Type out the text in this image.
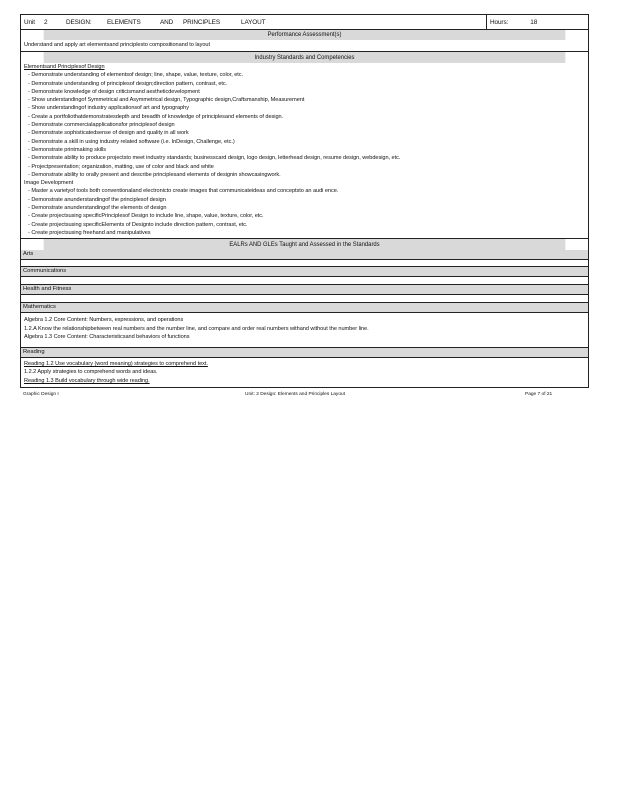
Unit	2	DESIGN:	ELEMENTS	AND	PRINCIPLES	LAYOUT	Hours:	18
Performance Assessment(s)
Understand and apply art elementsand principlesto compositionand to layout
Industry Standards and Competencies
Elementsand Principlesof Design
- Demonstrate understanding of elementsof design; line, shape, value, texture, color, etc.
- Demonstrate understanding of principlesof design;direction pattern, contrast, etc.
- Demonstrate knowledge of design criticismand aestheticdevelopment
- Show understandingof Symmetrical and Asymmetrical design, Typographic design,Craftsmanship, Measurement
- Show understandingof industry applicationsof art and typography
- Create a portfoliothatdemonstratesdepth and breadth of knowledge of principlesand elements of design.
- Demonstrate commercialapplicationsfor principlesof design
- Demonstrate sophisticatedsense of design and quality in all work
- Demonstrate a skill in using industry related software (i.e. InDesign, Challenge, etc.)
- Demonstrate printmaking skills
- Demonstrate ability to produce projectsto meet industry standards; businesscard design, logo design, letterhead design, resume design, webdesign, etc.
- Projectpresentation; organization, matting, use of color and black and white
- Demonstrate ability to orally present and describe principlesand elements of designin showcasingwork.
Image Development
- Master a varietyof tools both conventionaland electronicto create images that communicateideas and conceptsto an audi ence.
- Demonstrate anunderstandingof the principlesof design
- Demonstrate anunderstandingof the elements of design
- Create projectsusing specificPrinciplesof Design to include line, shape, value, texture, color, etc.
- Create projectsusing specificElements of Designto include direction pattern, contrast, etc.
- Create projectsusing freehand and manipulatives
EALRs AND GLEs Taught and Assessed in the Standards
Arts
Communications
Health and Fitness
Mathematics
Algebra 1.2 Core Content: Numbers, expressions, and operations
1.2.A Know the relationshipbetween real numbers and the number line, and compare and order real numbers withand without the number line.
Algebra 1.3 Core Content: Characteristicsand behaviors of functions
Reading
Reading 1.2 Use vocabulary (word meaning) strategies to comprehend text.
1.2.2 Apply strategies to comprehend words and ideas.
Reading 1.3 Build vocabulary through wide reading.
Graphic Design I	Unit: 2 Design: Elements and Principles Layout	Page 7 of 21
